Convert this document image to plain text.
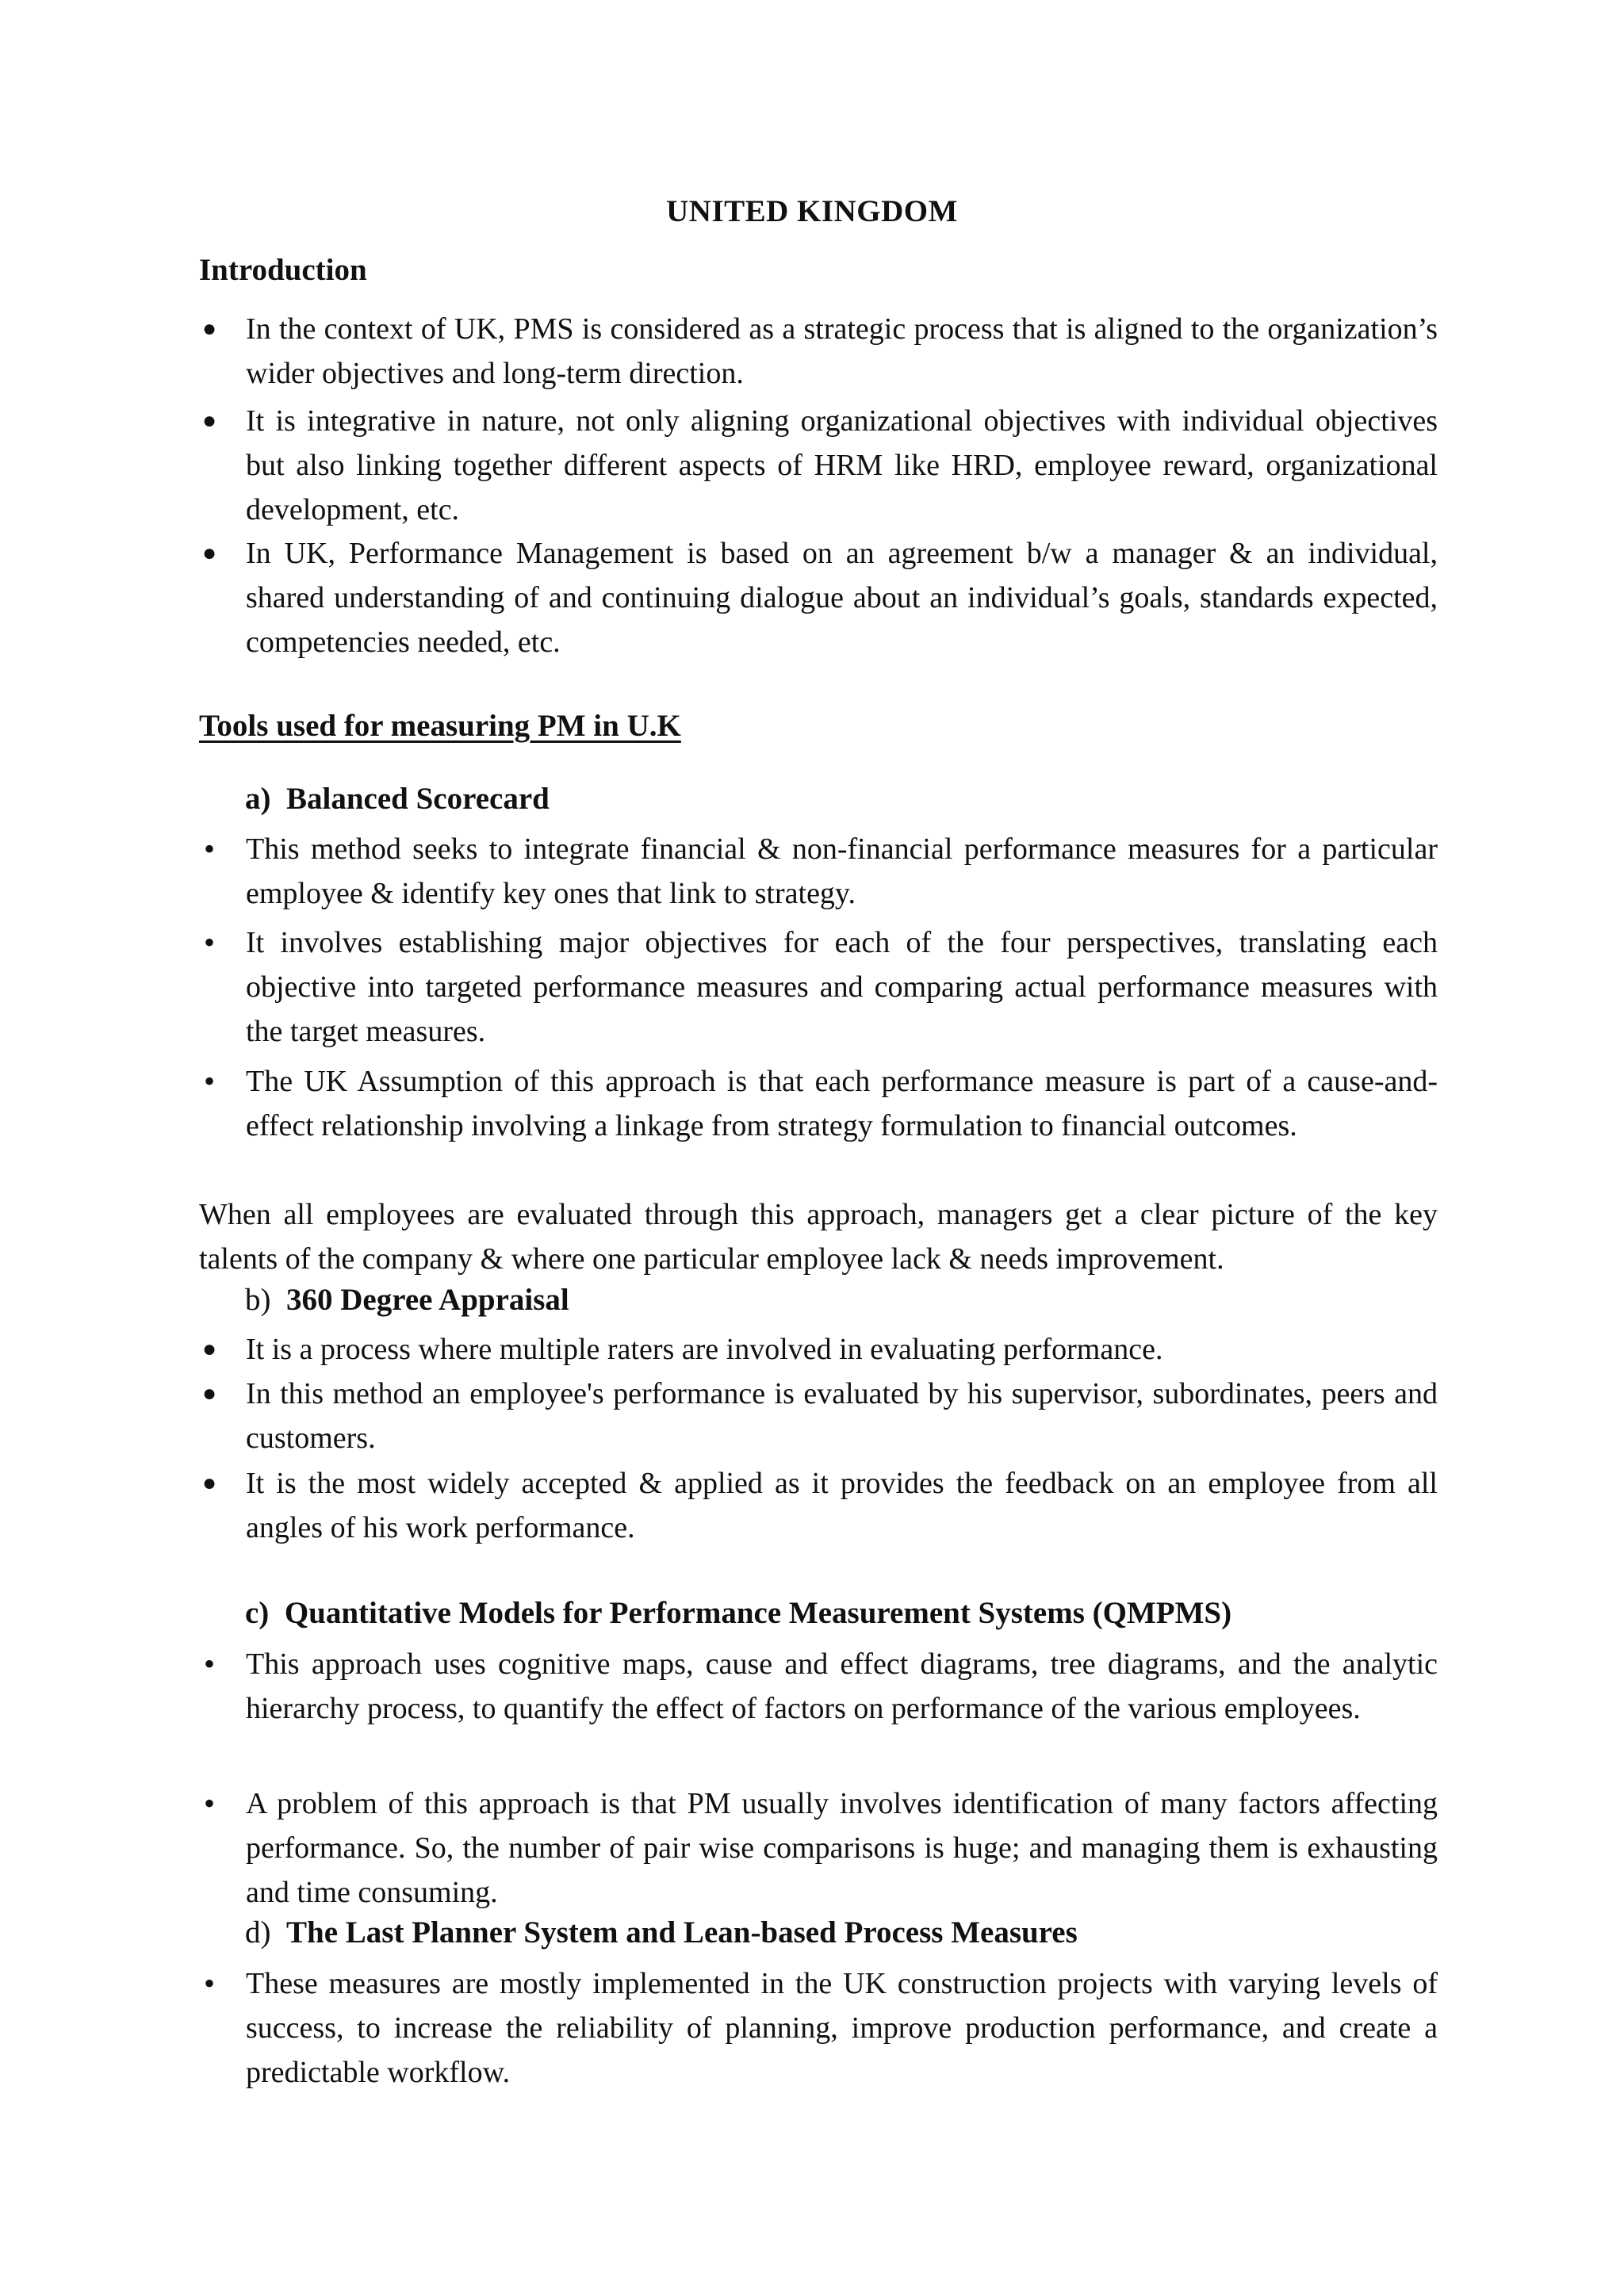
UNITED KINGDOM
Introduction
● In the context of UK, PMS is considered as a strategic process that is aligned to the organization’s wider objectives and long-term direction.
● It is integrative in nature, not only aligning organizational objectives with individual objectives but also linking together different aspects of HRM like HRD, employee reward, organizational development, etc.
● In UK, Performance Management is based on an agreement b/w a manager & an individual, shared understanding of and continuing dialogue about an individual’s goals, standards expected, competencies needed, etc.
Tools used for measuring PM in U.K
a) Balanced Scorecard
• This method seeks to integrate financial & non-financial performance measures for a particular employee & identify key ones that link to strategy.
• It involves establishing major objectives for each of the four perspectives, translating each objective into targeted performance measures and comparing actual performance measures with the target measures.
• The UK Assumption of this approach is that each performance measure is part of a cause-and-effect relationship involving a linkage from strategy formulation to financial outcomes.
When all employees are evaluated through this approach, managers get a clear picture of the key talents of the company & where one particular employee lack & needs improvement.
b) 360 Degree Appraisal
● It is a process where multiple raters are involved in evaluating performance.
● In this method an employee's performance is evaluated by his supervisor, subordinates, peers and customers.
● It is the most widely accepted & applied as it provides the feedback on an employee from all angles of his work performance.
c) Quantitative Models for Performance Measurement Systems (QMPMS)
• This approach uses cognitive maps, cause and effect diagrams, tree diagrams, and the analytic hierarchy process, to quantify the effect of factors on performance of the various employees.
• A problem of this approach is that PM usually involves identification of many factors affecting performance. So, the number of pair wise comparisons is huge; and managing them is exhausting and time consuming.
d) The Last Planner System and Lean-based Process Measures
• These measures are mostly implemented in the UK construction projects with varying levels of success, to increase the reliability of planning, improve production performance, and create a predictable workflow.
